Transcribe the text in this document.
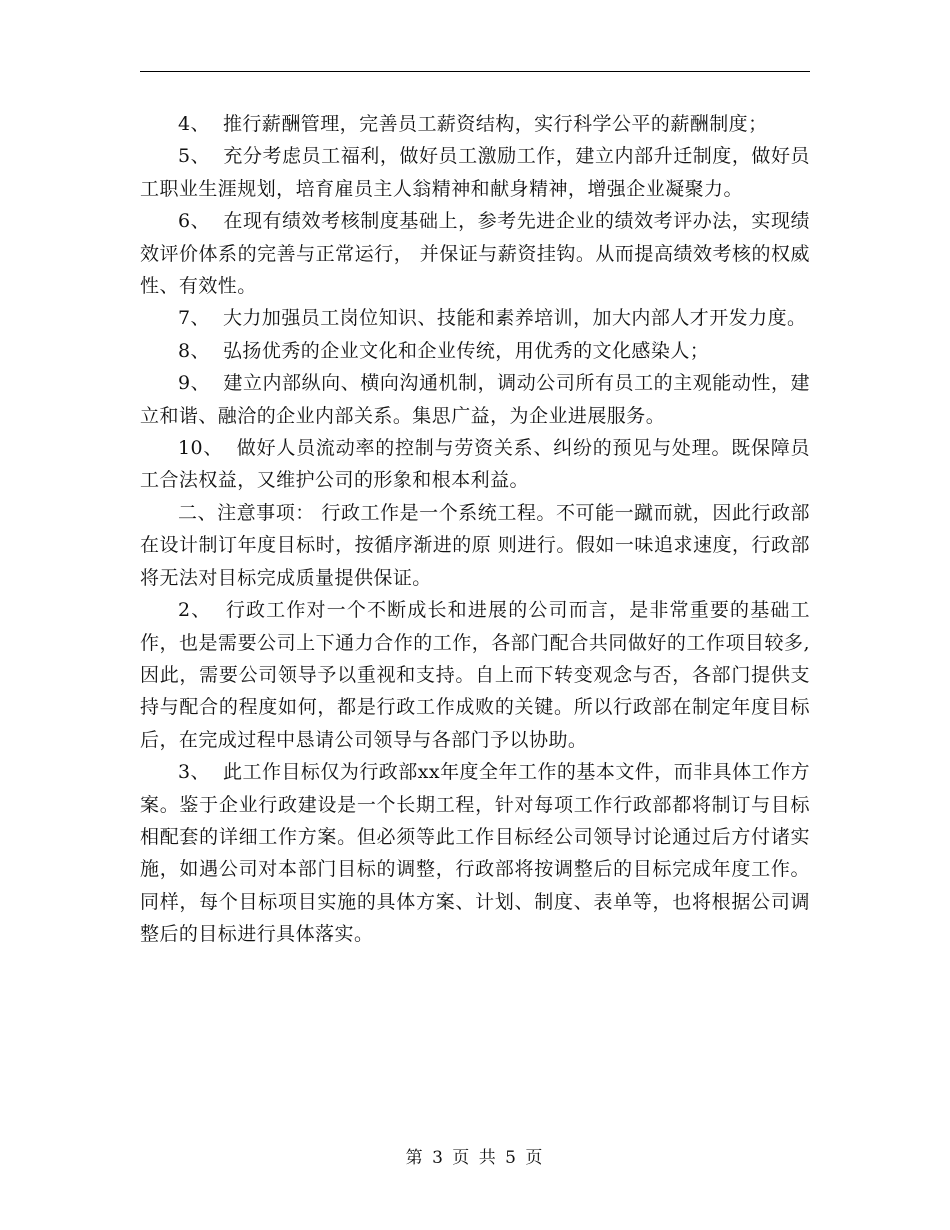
4、  推行薪酬管理，完善员工薪资结构，实行科学公平的薪酬制度；

5、  充分考虑员工福利，做好员工激励工作，建立内部升迁制度，做好员工职业生涯规划，培育雇员主人翁精神和献身精神，增强企业凝聚力。

6、  在现有绩效考核制度基础上，参考先进企业的绩效考评办法，实现绩效评价体系的完善与正常运行， 并保证与薪资挂钩。从而提高绩效考核的权威性、有效性。

7、  大力加强员工岗位知识、技能和素养培训，加大内部人才开发力度。

8、  弘扬优秀的企业文化和企业传统，用优秀的文化感染人；

9、  建立内部纵向、横向沟通机制，调动公司所有员工的主观能动性，建立和谐、融洽的企业内部关系。集思广益，为企业进展服务。

10、  做好人员流动率的控制与劳资关系、纠纷的预见与处理。既保障员工合法权益，又维护公司的形象和根本利益。

二、注意事项： 行政工作是一个系统工程。不可能一蹴而就，因此行政部在设计制订年度目标时，按循序渐进的原 则进行。假如一味追求速度，行政部将无法对目标完成质量提供保证。

2、  行政工作对一个不断成长和进展的公司而言，是非常重要的基础工作，也是需要公司上下通力合作的工作，各部门配合共同做好的工作项目较多,因此，需要公司领导予以重视和支持。自上而下转变观念与否，各部门提供支持与配合的程度如何，都是行政工作成败的关键。所以行政部在制定年度目标后，在完成过程中恳请公司领导与各部门予以协助。

3、  此工作目标仅为行政部xx年度全年工作的基本文件，而非具体工作方案。鉴于企业行政建设是一个长期工程，针对每项工作行政部都将制订与目标相配套的详细工作方案。但必须等此工作目标经公司领导讨论通过后方付诸实施，如遇公司对本部门目标的调整，行政部将按调整后的目标完成年度工作。同样，每个目标项目实施的具体方案、计划、制度、表单等，也将根据公司调整后的目标进行具体落实。

第 3 页 共 5 页
